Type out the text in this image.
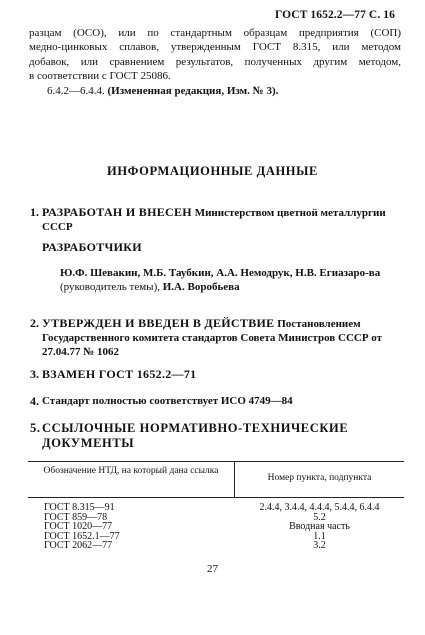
ГОСТ 1652.2—77 С. 16

разцам (ОСО), или по стандартным образцам предприятия (СОП)

медно-цинковых сплавов, утвержденным ГОСТ 8.315, или методом

добавок, или сравнением результатов, полученных другим методом,

в соответствии с ГОСТ 25086.

6.4.2—6.4.4. (Измененная редакция, Изм. № 3).

ИНФОРМАЦИОННЫЕ ДАННЫЕ
1. РАЗРАБОТАН И ВНЕСЕН Министерством цветной металлургии СССР
РАЗРАБОТЧИКИ
Ю.Ф. Шевакин, М.Б. Таубкин, А.А. Немодрук, Н.В. Егиазаро-ва (руководитель темы), И.А. Воробьева
2. УТВЕРЖДЕН И ВВЕДЕН В ДЕЙСТВИЕ Постановлением Государственного комитета стандартов Совета Министров СССР от 27.04.77 № 1062
3. ВЗАМЕН ГОСТ 1652.2—71
4. Стандарт полностью соответствует ИСО 4749—84
5. ССЫЛОЧНЫЕ НОРМАТИВНО-ТЕХНИЧЕСКИЕ ДОКУМЕНТЫ
Обозначение НТД, на который дана ссылка
Номер пункта, подпункта
ГОСТ 8.315—91
ГОСТ 859—78
ГОСТ 1020—77
ГОСТ 1652.1—77
ГОСТ 2062—77
2.4.4, 3.4.4, 4.4.4, 5.4.4, 6.4.4
5.2
Вводная часть
1.1
3.2
27
